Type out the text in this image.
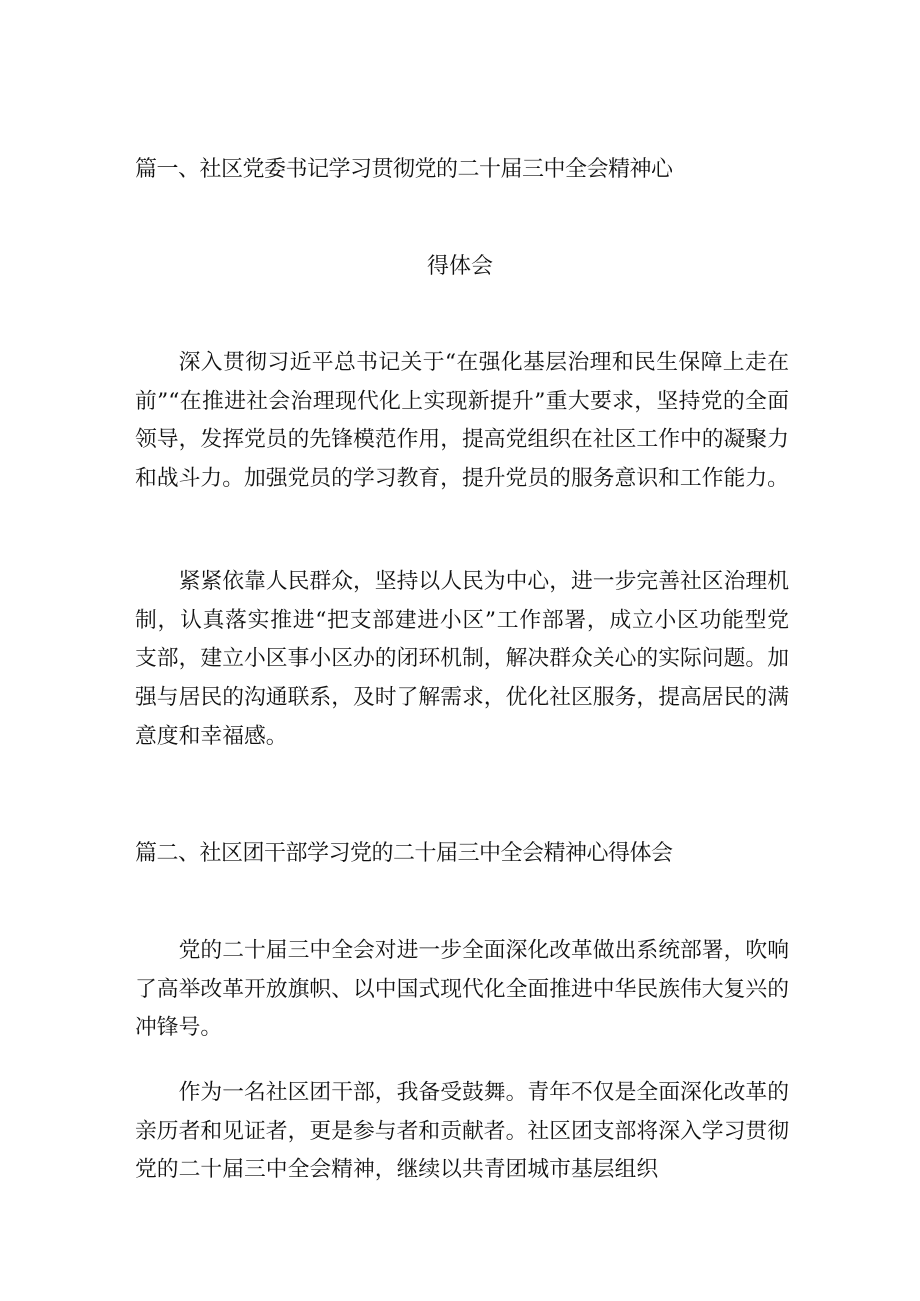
篇一、社区党委书记学习贯彻党的二十届三中全会精神心
得体会

深入贯彻习近平总书记关于“在强化基层治理和民生保障上走在前”“在推进社会治理现代化上实现新提升”重大要求，坚持党的全面领导，发挥党员的先锋模范作用，提高党组织在社区工作中的凝聚力和战斗力。加强党员的学习教育，提升党员的服务意识和工作能力。

紧紧依靠人民群众，坚持以人民为中心，进一步完善社区治理机制，认真落实推进“把支部建进小区”工作部署，成立小区功能型党支部，建立小区事小区办的闭环机制，解决群众关心的实际问题。加强与居民的沟通联系，及时了解需求，优化社区服务，提高居民的满意度和幸福感。

篇二、社区团干部学习党的二十届三中全会精神心得体会

党的二十届三中全会对进一步全面深化改革做出系统部署，吹响了高举改革开放旗帜、以中国式现代化全面推进中华民族伟大复兴的冲锋号。

作为一名社区团干部，我备受鼓舞。青年不仅是全面深化改革的亲历者和见证者，更是参与者和贡献者。社区团支部将深入学习贯彻党的二十届三中全会精神，继续以共青团城市基层组织
